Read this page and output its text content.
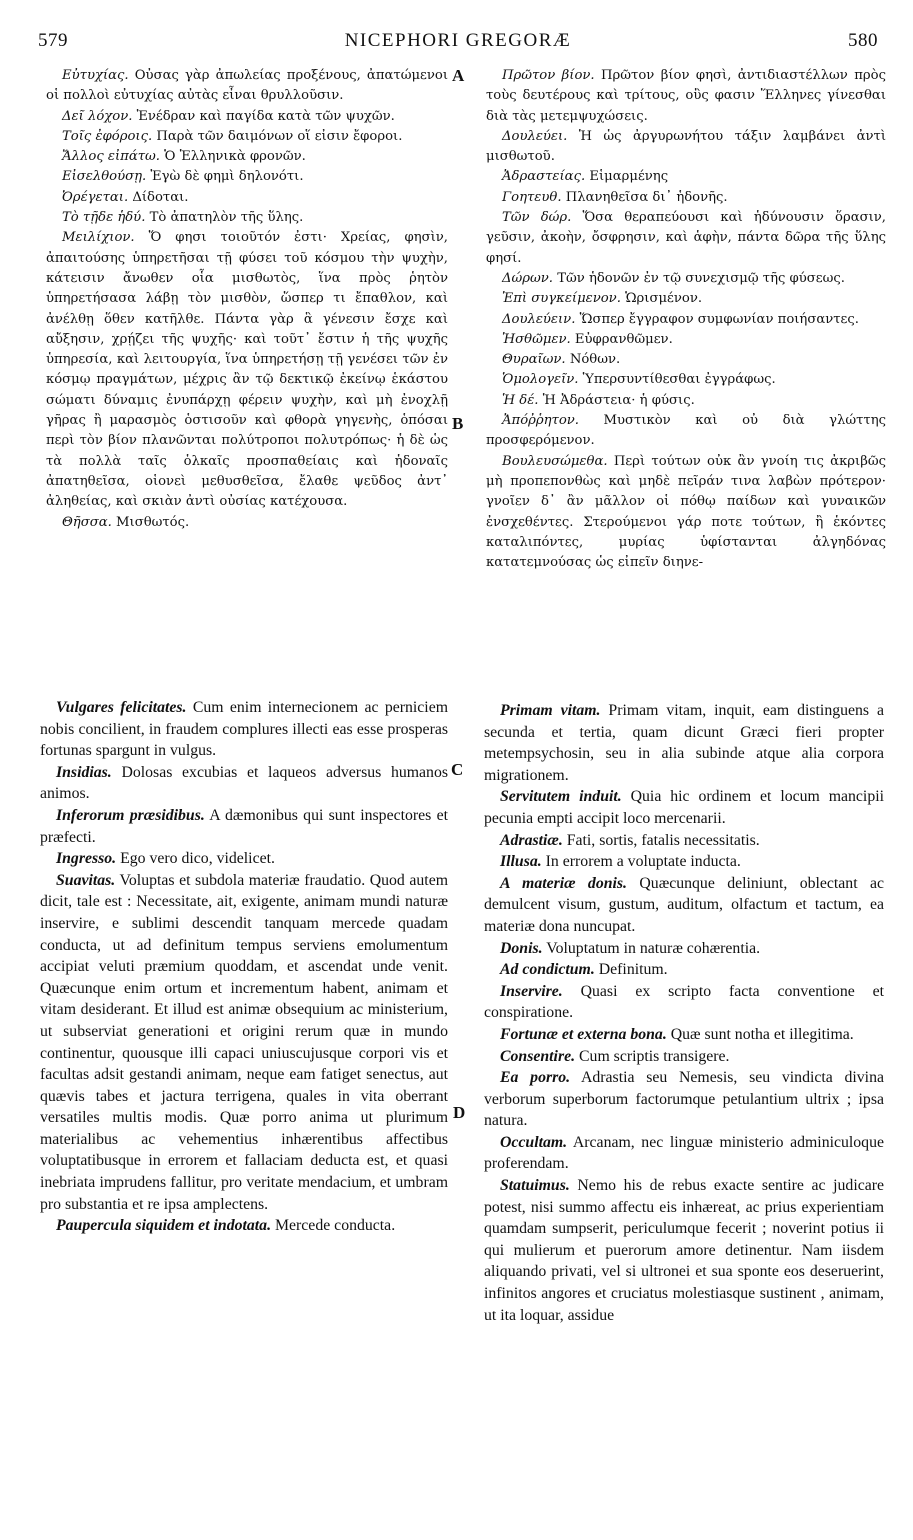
579	NICEPHORI GREGORÆ	580

Εὐτυχίας. Οὐσας γὰρ ἀπωλείας προξένους, ἀπατώμενοι οἱ πολλοὶ εὐτυχίας αὐτὰς εἶναι θρυλλοῦσιν.

Δεῖ λόχον. Ἐνέδραν καὶ παγίδα κατὰ τῶν ψυχῶν.

Τοῖς ἐφόροις. Παρὰ τῶν δαιμόνων οἵ εἰσιν ἔφοροι.

Ἄλλος εἰπάτω. Ὁ Ἑλληνικὰ φρονῶν.

Εἰσελθούσῃ. Ἐγὼ δὲ φημὶ δηλονότι.

Ὀρέγεται. Δίδοται.

Τὸ τῇδε ἡδύ. Τὸ ἀπατηλὸν τῆς ὕλης.

Μειλίχιον. Ὅ φησι τοιοῦτόν ἐστι· Χρείας, φησὶν, ἀπαιτούσης ὑπηρετῆσαι τῇ φύσει τοῦ κόσμου τὴν ψυχὴν, κάτεισιν ἄνωθεν οἷα μισθωτὸς, ἵνα πρὸς ῥητὸν ὑπηρετήσασα λάβῃ τὸν μισθὸν, ὥσπερ τι ἔπαθλον, καὶ ἀνέλθῃ ὅθεν κατῆλθε. Πάντα γὰρ ἃ γένεσιν ἔσχε καὶ αὔξησιν, χρῄζει τῆς ψυχῆς· καὶ τοῦτ᾽ ἔστιν ἡ τῆς ψυχῆς ὑπηρεσία, καὶ λειτουργία, ἵνα ὑπηρετήσῃ τῇ γενέσει τῶν ἐν κόσμῳ πραγμάτων, μέχρις ἂν τῷ δεκτικῷ ἐκείνῳ ἑκάστου σώματι δύναμις ἐνυπάρχῃ φέρειν ψυχὴν, καὶ μὴ ἐνοχλῇ γῆρας ἢ μαρασμὸς ὁστισοῦν καὶ φθορὰ γηγενὴς, ὁπόσαι περὶ τὸν βίον πλανῶνται πολύτροποι πολυτρόπως· ἡ δὲ ὡς τὰ πολλὰ ταῖς ὁλκαῖς προσπαθείαις καὶ ἡδοναῖς ἀπατηθεῖσα, οἱονεὶ μεθυσθεῖσα, ἔλαθε ψεῦδος ἀντ᾽ ἀληθείας, καὶ σκιὰν ἀντὶ οὐσίας κατέχουσα.

Θῆσσα. Μισθωτός.

Πρῶτον βίον. Πρῶτον βίον φησὶ, ἀντιδιαστέλλων πρὸς τοὺς δευτέρους καὶ τρίτους, οὓς φασιν Ἕλληνες γίνεσθαι διὰ τὰς μετεμψυχώσεις.

Δουλεύει. Ἡ ὡς ἀργυρωνήτου τάξιν λαμβάνει ἀντὶ μισθωτοῦ.

Ἀδραστείας. Εἱμαρμένης

Γοητευθ. Πλανηθεῖσα δι᾽ ἡδονῆς.

Τῶν δώρ. Ὅσα θεραπεύουσι καὶ ἡδύνουσιν ὅρασιν, γεῦσιν, ἀκοὴν, ὄσφρησιν, καὶ ἁφὴν, πάντα δῶρα τῆς ὕλης φησί.

Δώρων. Τῶν ἡδονῶν ἐν τῷ συνεχισμῷ τῆς φύσεως.

Ἐπὶ συγκείμενον. Ὡρισμένον.

Δουλεύειν. Ὥσπερ ἔγγραφον συμφωνίαν ποιήσαντες.

Ἠσθῶμεν. Εὐφρανθῶμεν.

Θυραῖων. Νόθων.

Ὁμολογεῖν. Ὑπερσυντίθεσθαι ἐγγράφως.

Ἡ δέ. Ἡ Ἀδράστεια· ἡ φύσις.

Ἀπόῤῥητον. Μυστικὸν καὶ οὐ διὰ γλώττης προσφερόμενον.

Βουλευσώμεθα. Περὶ τούτων οὐκ ἂν γνοίη τις ἀκριβῶς μὴ προπεπονθὼς καὶ μηδὲ πεῖράν τινα λαβὼν πρότερον· γνοῖεν δ᾽ ἂν μᾶλλον οἱ πόθῳ παίδων καὶ γυναικῶν ἐνσχεθέντες. Στερούμενοι γάρ ποτε τούτων, ἢ ἑκόντες καταλιπόντες, μυρίας ὑφίστανται ἀλγηδόνας κατατεμνούσας ὡς εἰπεῖν διηνε-

Vulgares felicitates. Cum enim internecionem ac perniciem nobis concilient, in fraudem complures illecti eas esse prosperas fortunas spargunt in vulgus.

Insidias. Dolosas excubias et laqueos adversus humanos animos.

Inferorum præsidibus. A dæmonibus qui sunt inspectores et præfecti.

Ingresso. Ego vero dico, videlicet.

Suavitas. Voluptas et subdola materiæ fraudatio. Quod autem dicit, tale est : Necessitate, ait, exigente, animam mundi naturæ inservire, e sublimi descendit tanquam mercede quadam conducta, ut ad definitum tempus serviens emolumentum accipiat veluti præmium quoddam, et ascendat unde venit. Quæcunque enim ortum et incrementum habent, animam et vitam desiderant. Et illud est animæ obsequium ac ministerium, ut subserviat generationi et origini rerum quæ in mundo continentur, quousque illi capaci uniuscujusque corpori vis et facultas adsit gestandi animam, neque eam fatiget senectus, aut quævis tabes et jactura terrigena, quales in vita oberrant versatiles multis modis. Quæ porro anima ut plurimum materialibus ac vehementius inhærentibus affectibus voluptatibusque in errorem et fallaciam deducta est, et quasi inebriata imprudens fallitur, pro veritate mendacium, et umbram pro substantia et re ipsa amplectens.

Paupercula siquidem et indotata. Mercede conducta.

Primam vitam. Primam vitam, inquit, eam distinguens a secunda et tertia, quam dicunt Græci fieri propter metempsychosin, seu in alia subinde atque alia corpora migrationem.

Servitutem induit. Quia hic ordinem et locum mancipii pecunia empti accipit loco mercenarii.

Adrastiæ. Fati, sortis, fatalis necessitatis.

Illusa. In errorem a voluptate inducta.

A materiæ donis. Quæcunque deliniunt, oblectant ac demulcent visum, gustum, auditum, olfactum et tactum, ea materiæ dona nuncupat.

Donis. Voluptatum in naturæ cohærentia.

Ad condictum. Definitum.

Inservire. Quasi ex scripto facta conventione et conspiratione.

Fortunæ et externa bona. Quæ sunt notha et illegitima.

Consentire. Cum scriptis transigere.

Ea porro. Adrastia seu Nemesis, seu vindicta divina verborum superborum factorumque petulantium ultrix ; ipsa natura.

Occultam. Arcanam, nec linguæ ministerio adminiculoque proferendam.

Statuimus. Nemo his de rebus exacte sentire ac judicare potest, nisi summo affectu eis inhæreat, ac prius experientiam quamdam sumpserit, periculumque fecerit ; noverint potius ii qui mulierum et puerorum amore detinentur. Nam iisdem aliquando privati, vel si ultronei et sua sponte eos deseruerint, infinitos angores et cruciatus molestiasque sustinent , animam, ut ita loquar, assidue

A
B
C
D
